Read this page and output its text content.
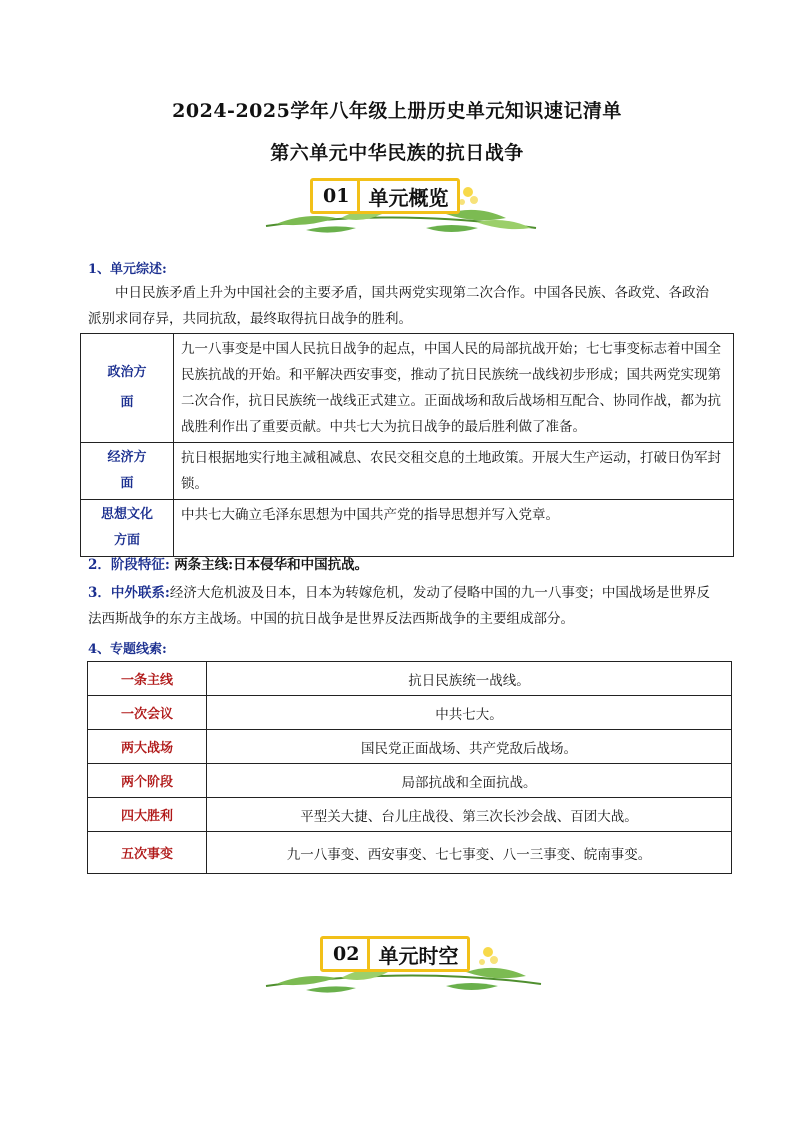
2024-2025学年八年级上册历史单元知识速记清单
第六单元中华民族的抗日战争
01 单元概览
1、单元综述:
中日民族矛盾上升为中国社会的主要矛盾，国共两党实现第二次合作。中国各民族、各政党、各政治派别求同存异，共同抗敌，最终取得抗日战争的胜利。
政治方面	九一八事变是中国人民抗日战争的起点，中国人民的局部抗战开始；七七事变标志着中国全民族抗战的开始。和平解决西安事变，推动了抗日民族统一战线初步形成；国共两党实现第二次合作，抗日民族统一战线正式建立。正面战场和敌后战场相互配合、协同作战，都为抗战胜利作出了重要贡献。中共七大为抗日战争的最后胜利做了准备。

经济方面	抗日根据地实行地主减租减息、农民交租交息的土地政策。开展大生产运动，打破日伪军封锁。

思想文化方面	中共七大确立毛泽东思想为中国共产党的指导思想并写入党章。
2．阶段特征: 两条主线:日本侵华和中国抗战。
3．中外联系:经济大危机波及日本，日本为转嫁危机，发动了侵略中国的九一八事变；中国战场是世界反法西斯战争的东方主战场。中国的抗日战争是世界反法西斯战争的主要组成部分。
4、专题线索:
一条主线	抗日民族统一战线。
一次会议	中共七大。
两大战场	国民党正面战场、共产党敌后战场。
两个阶段	局部抗战和全面抗战。
四大胜利	平型关大捷、台儿庄战役、第三次长沙会战、百团大战。
五次事变	九一八事变、西安事变、七七事变、八一三事变、皖南事变。
02 单元时空
